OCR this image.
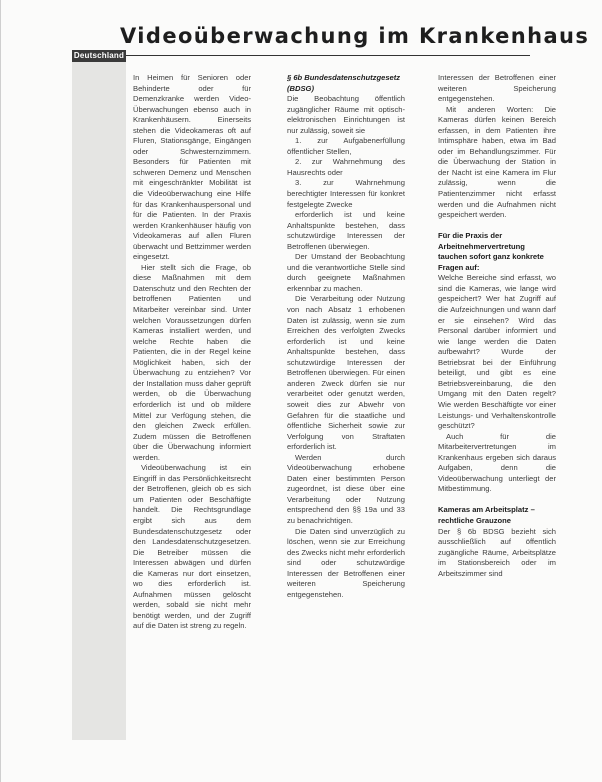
Videoüberwachung im Krankenhaus
Deutschland

In Heimen für Senioren oder Behinderte oder für Demenzkranke werden Video-Überwachungen ebenso auch in Krankenhäusern. Einerseits stehen die Videokameras oft auf Fluren, Stationsgänge, Eingängen oder Schwesternzimmern. Besonders für Patienten mit schweren Demenz und Menschen mit eingeschränkter Mobilität ist die Videoüberwachung eine Hilfe für das Krankenhauspersonal und für die Patienten. In der Praxis werden Krankenhäuser häufig von Videokameras auf allen Fluren überwacht und Bettzimmer werden eingesetzt.

Hier stellt sich die Frage, ob diese Maßnahmen mit dem Datenschutz und den Rechten der betroffenen Patienten und Mitarbeiter vereinbar sind. Unter welchen Voraussetzungen dürfen Kameras installiert werden, und welche Rechte haben die Patienten, die in der Regel keine Möglichkeit haben, sich der Überwachung zu entziehen? Vor der Installation muss daher geprüft werden, ob die Überwachung erforderlich ist und ob mildere Mittel zur Verfügung stehen, die den gleichen Zweck erfüllen. Zudem müssen die Betroffenen über die Überwachung informiert werden.

Videoüberwachung ist ein Eingriff in das Persönlichkeitsrecht der Betroffenen, gleich ob es sich um Patienten oder Beschäftigte handelt. Die Rechtsgrundlage ergibt sich aus dem Bundesdatenschutzgesetz oder den Landesdatenschutzgesetzen. Die Betreiber müssen die Interessen abwägen und dürfen die Kameras nur dort einsetzen, wo dies erforderlich ist. Aufnahmen müssen gelöscht werden, sobald sie nicht mehr benötigt werden, und der Zugriff auf die Daten ist streng zu regeln.

§ 6b Bundesdatenschutzgesetz (BDSG)

Die Beobachtung öffentlich zugänglicher Räume mit optisch-elektronischen Einrichtungen ist nur zulässig, soweit sie

1. zur Aufgabenerfüllung öffentlicher Stellen,

2. zur Wahrnehmung des Hausrechts oder

3. zur Wahrnehmung berechtigter Interessen für konkret festgelegte Zwecke

erforderlich ist und keine Anhaltspunkte bestehen, dass schutzwürdige Interessen der Betroffenen überwiegen.

Der Umstand der Beobachtung und die verantwortliche Stelle sind durch geeignete Maßnahmen erkennbar zu machen.

Die Verarbeitung oder Nutzung von nach Absatz 1 erhobenen Daten ist zulässig, wenn sie zum Erreichen des verfolgten Zwecks erforderlich ist und keine Anhaltspunkte bestehen, dass schutzwürdige Interessen der Betroffenen überwiegen. Für einen anderen Zweck dürfen sie nur verarbeitet oder genutzt werden, soweit dies zur Abwehr von Gefahren für die staatliche und öffentliche Sicherheit sowie zur Verfolgung von Straftaten erforderlich ist.

Werden durch Videoüberwachung erhobene Daten einer bestimmten Person zugeordnet, ist diese über eine Verarbeitung oder Nutzung entsprechend den §§ 19a und 33 zu benachrichtigen.

Die Daten sind unverzüglich zu löschen, wenn sie zur Erreichung des Zwecks nicht mehr erforderlich sind oder schutzwürdige Interessen der Betroffenen einer weiteren Speicherung entgegenstehen.

Interessen der Betroffenen einer weiteren Speicherung entgegenstehen.

Mit anderen Worten: Die Kameras dürfen keinen Bereich erfassen, in dem Patienten ihre Intimsphäre haben, etwa im Bad oder im Behandlungszimmer. Für die Überwachung der Station in der Nacht ist eine Kamera im Flur zulässig, wenn die Patientenzimmer nicht erfasst werden und die Aufnahmen nicht gespeichert werden.

Für die Praxis der Arbeitnehmervertretung tauchen sofort ganz konkrete Fragen auf:

Welche Bereiche sind erfasst, wo sind die Kameras, wie lange wird gespeichert? Wer hat Zugriff auf die Aufzeichnungen und wann darf er sie einsehen? Wird das Personal darüber informiert und wie lange werden die Daten aufbewahrt? Wurde der Betriebsrat bei der Einführung beteiligt, und gibt es eine Betriebsvereinbarung, die den Umgang mit den Daten regelt? Wie werden Beschäftigte vor einer Leistungs- und Verhaltenskontrolle geschützt?

Auch für die Mitarbeitervertretungen im Krankenhaus ergeben sich daraus Aufgaben, denn die Videoüberwachung unterliegt der Mitbestimmung.

Kameras am Arbeitsplatz – rechtliche Grauzone

Der § 6b BDSG bezieht sich ausschließlich auf öffentlich zugängliche Räume, Arbeitsplätze im Stationsbereich oder im Arbeitszimmer sind
